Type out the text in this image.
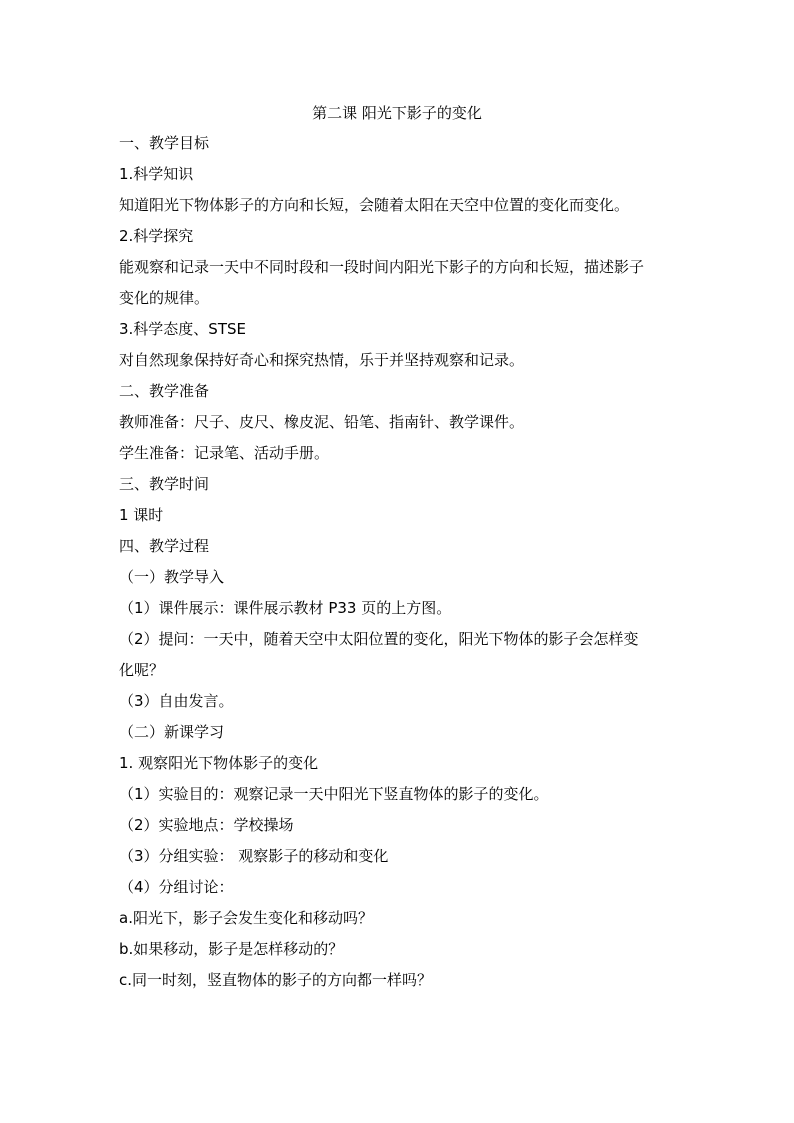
第二课 阳光下影子的变化
一、教学目标
1.科学知识
知道阳光下物体影子的方向和长短，会随着太阳在天空中位置的变化而变化。
2.科学探究
能观察和记录一天中不同时段和一段时间内阳光下影子的方向和长短，描述影子
变化的规律。
3.科学态度、STSE
对自然现象保持好奇心和探究热情，乐于并坚持观察和记录。
二、教学准备
教师准备：尺子、皮尺、橡皮泥、铅笔、指南针、教学课件。
学生准备：记录笔、活动手册。
三、教学时间
1 课时
四、教学过程
（一）教学导入
（1）课件展示：课件展示教材 P33 页的上方图。
（2）提问：一天中，随着天空中太阳位置的变化，阳光下物体的影子会怎样变
化呢？
（3）自由发言。
（二）新课学习
1. 观察阳光下物体影子的变化
（1）实验目的：观察记录一天中阳光下竖直物体的影子的变化。
（2）实验地点：学校操场
（3）分组实验： 观察影子的移动和变化
（4）分组讨论：
a.阳光下，影子会发生变化和移动吗？
b.如果移动，影子是怎样移动的？
c.同一时刻，竖直物体的影子的方向都一样吗？
